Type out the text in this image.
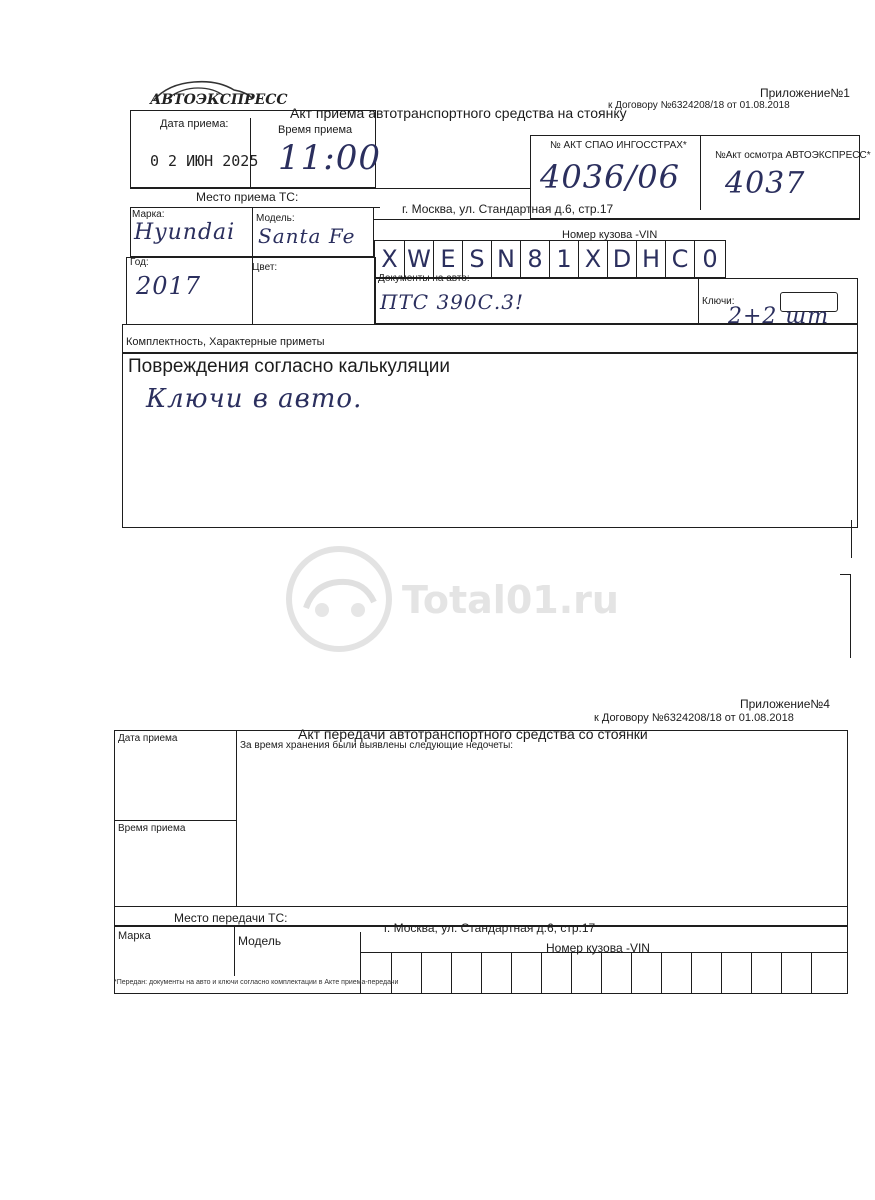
АВТОЭКСПРЕСС	Приложение№1
к Договору №6324208/18 от 01.08.2018
Акт приема автотранспортного средства на стоянку
Дата приема:
0 2 ИЮН 2025
Время приема
11:00	№ АКТ СПАО ИНГОССТРАХ*
4036/06
№Акт осмотра АВТОЭКСПРЕСС*
4037
Место приема ТС:
г. Москва, ул. Стандартная д.6, стр.17
Марка:
Hyundai
Модель:
Santa Fe	Номер кузова -VIN
X W E S N 8 1 X D H C 0
Год:
2017
Цвет:
Документы на авто:
ПТС 390С.3!	Ключи:
2+2 шт
Комплектность, Характерные приметы
Повреждения согласно калькуляции
Ключи в авто.
Total01.ru
Приложение№4
к Договору №6324208/18 от 01.08.2018
Акт передачи автотранспортного средства со стоянки
Дата приема
За время хранения были выявлены следующие недочеты:
Время приема
Место передачи ТС:
г. Москва, ул. Стандартная д.6, стр.17
Марка	Модель	Номер кузова -VIN
*Передан: документы на авто и ключи согласно комплектации в Акте приема-передачи
